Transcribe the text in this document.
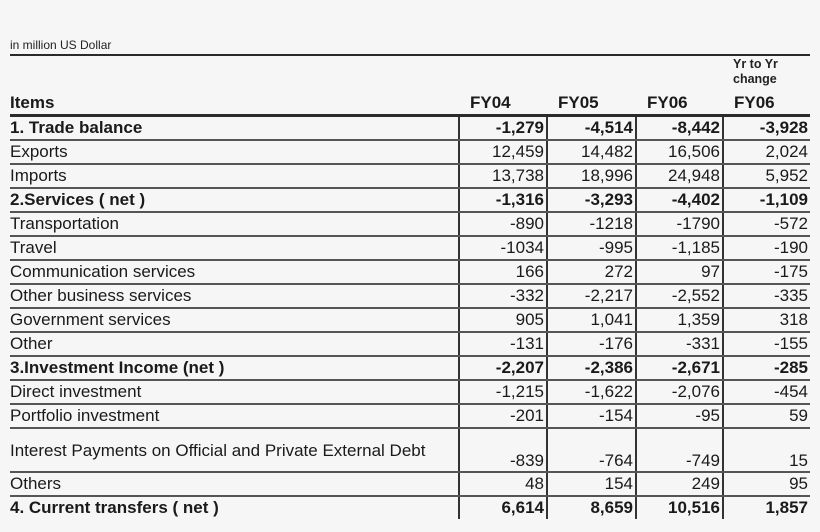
in million US Dollar
Yr to Yr
change
Items	FY04	FY05	FY06	FY06
1. Trade balance	-1,279	-4,514	-8,442	-3,928
Exports	12,459	14,482	16,506	2,024
Imports	13,738	18,996	24,948	5,952
2.Services ( net )	-1,316	-3,293	-4,402	-1,109
Transportation	-890	-1218	-1790	-572
Travel	-1034	-995	-1,185	-190
Communication services	166	272	97	-175
Other business services	-332	-2,217	-2,552	-335
Government services	905	1,041	1,359	318
Other	-131	-176	-331	-155
3.Investment Income (net )	-2,207	-2,386	-2,671	-285
Direct investment	-1,215	-1,622	-2,076	-454
Portfolio investment	-201	-154	-95	59
Interest Payments on Official and Private External Debt	-839	-764	-749	15
Others	48	154	249	95
4. Current transfers ( net )	6,614	8,659	10,516	1,857
